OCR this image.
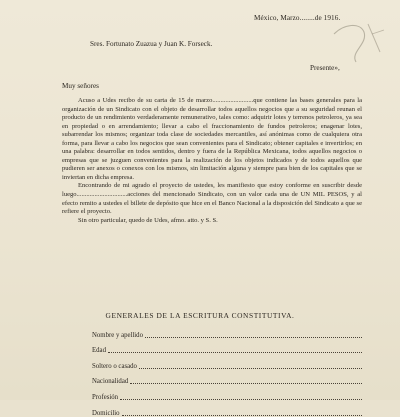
México, Marzo........de 1916.
Sres. Fortunato Zuazua y Juan K. Forseck.
Presente»,
Muy señores

Acuso a Udes recibo de su carta de 15 de marzo.........................que contiene las bases generales para la organización de un Sindicato con el objeto de desarrollar todos aquellos negocios que a su seguridad reunan el producto de un rendimiento verdaderamente remunerativo, tales como: adquirir lotes y terrenos petroleros, ya sea en propiedad o en arrendamiento; llevar a cabo el fraccionamiento de fundos petroleros; enagenar lotes, subarrendar los mismos; organizar toda clase de sociedades mercantiles, así anónimas como de cualquiera otra forma, para llevar a cabo los negocios que sean convenientes para el Sindicato; obtener capitales e invertirlos; en una palabra: desarrollar en todos sentidos, dentro y fuera de la República Mexicana, todos aquellos negocios o empresas que se juzguen convenientes para la realización de los objetos indicados y de todos aquellos que pudieren ser anexos o conexos con los mismos, sin limitación alguna y siempre para bien de los capitales que se inviertan en dicha empresa.

Encontrando de mi agrado el proyecto de ustedes, les manifiesto que estoy conforme en suscribir desde luego...............................acciones del mencionado Sindicato, con un valor cada una de UN MIL PESOS, y al efecto remito a ustedes el billete de depósito que hice en el Banco Nacional a la disposición del Sindicato a que se refiere el proyecto.

Sin otro particular, quedo de Udes, afmo. atto. y S. S.

GENERALES DE LA ESCRITURA CONSTITUTIVA.
Nombre y apellido
Edad
Soltero o casado
Nacionalidad
Profesión
Domicilio
